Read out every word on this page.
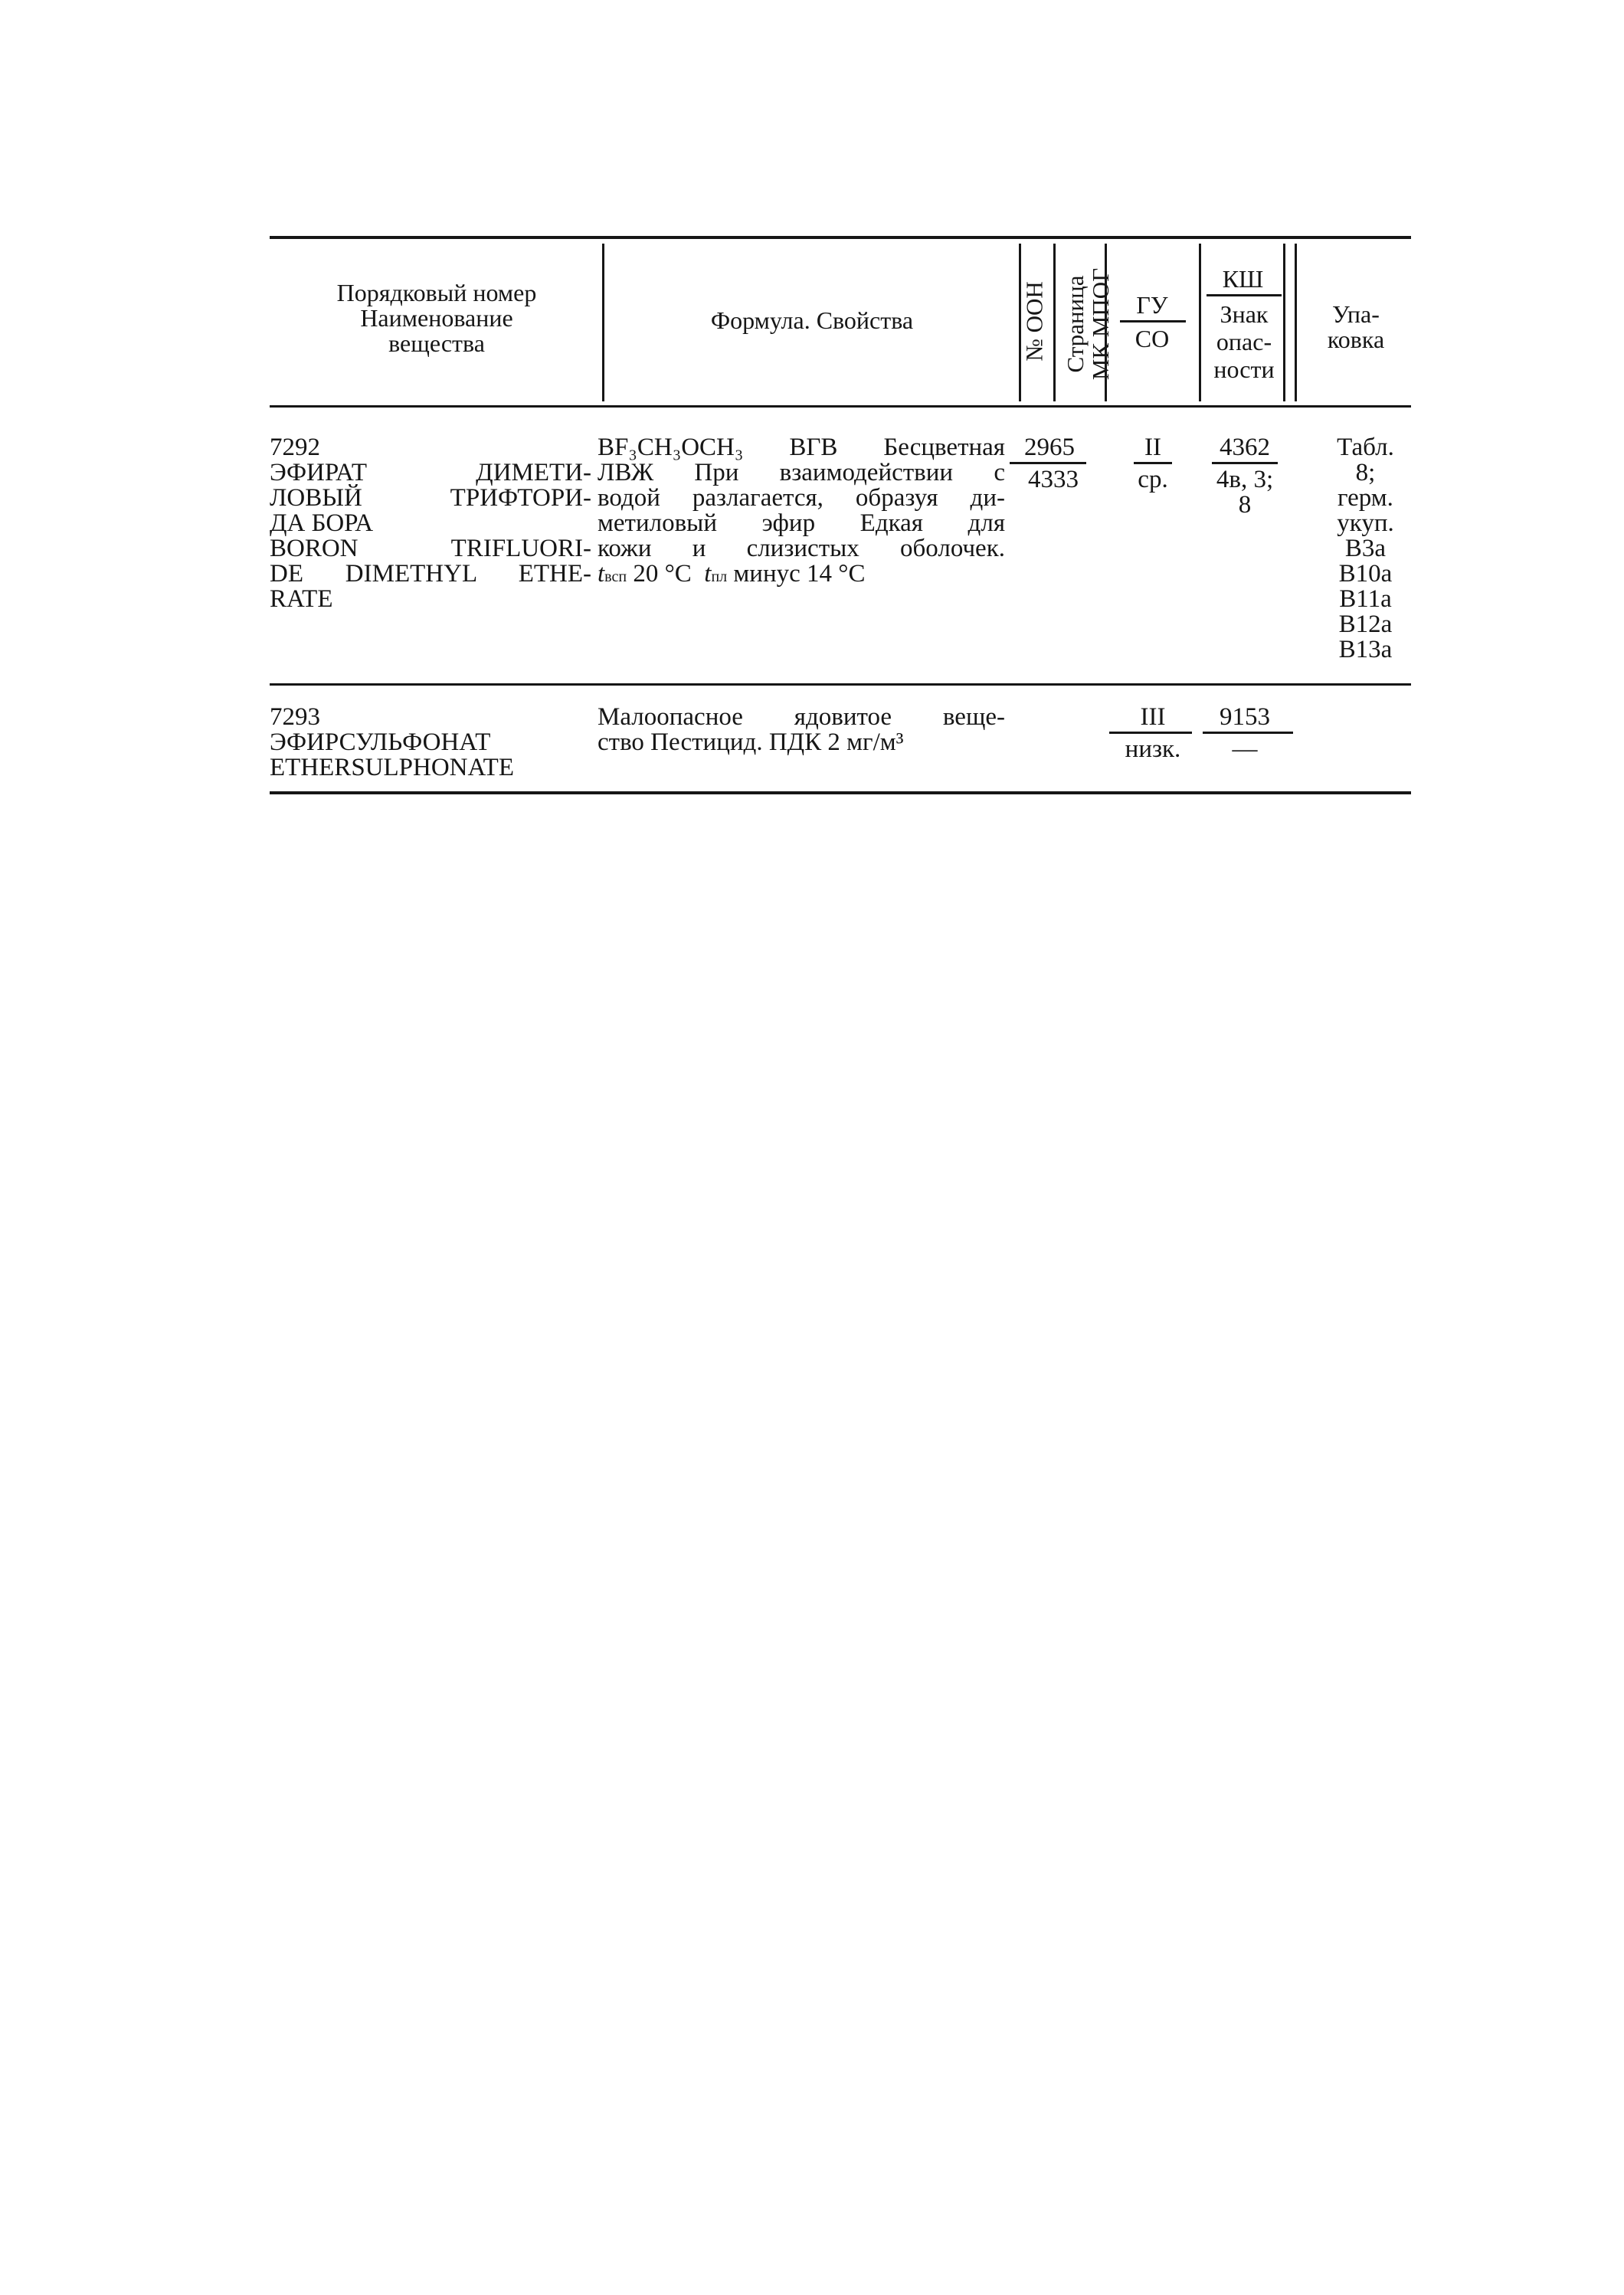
Порядковый номер
Наименование
вещества
Формула. Свойства	№ ООН Страница
МК МПОГ ГУ
СО
КШ
Знак
опас-
ности
Упа-
ковка
7292
ЭФИРАТ ДИМЕТИ-
ЛОВЫЙ ТРИФТОРИ-
ДА БОРА
BORON TRIFLUORI-
DE DIMETHYL ETHE-
RATE
BF₃CH₃OCH₃ ВГВ Бесцветная
ЛВЖ При взаимодействии с
водой разлагается, образуя ди-
метиловый эфир Едкая для
кожи и слизистых оболочек.
tвсп 20 °C tпл минус 14 °C
2965
4333
II
ср.
4362
4в, 3;
8
Табл.
8;
герм.
укуп.
В3а
В10а
В11а
В12а
В13а
7293
ЭФИРСУЛЬФОНАТ
ETHERSULPHONATE
Малоопасное ядовитое веще-
ство Пестицид. ПДК 2 мг/м³
III
низк.
9153
—
